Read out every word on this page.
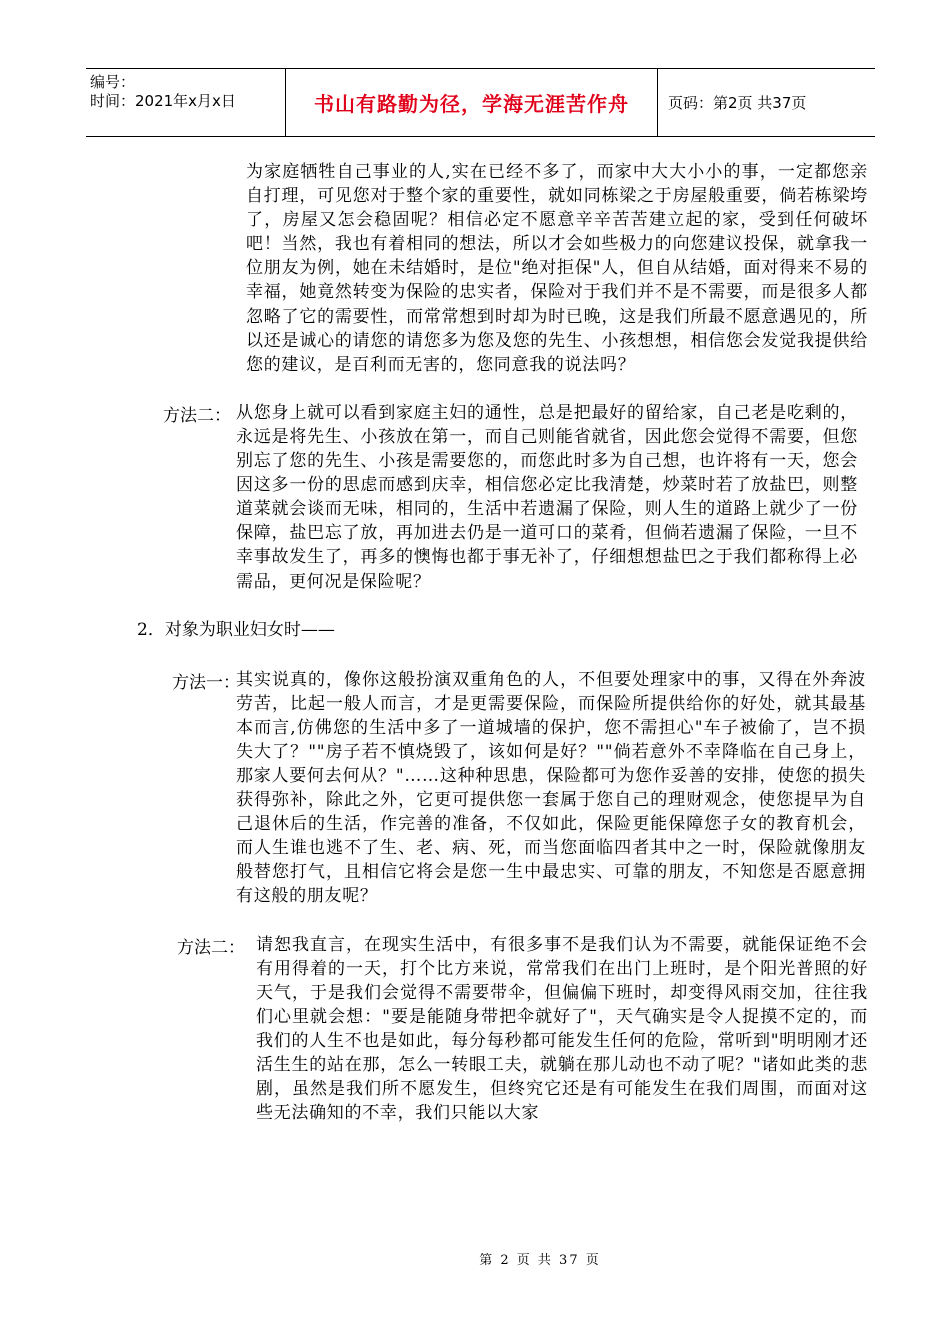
编号：
时间：2021年x月x日	书山有路勤为径，学海无涯苦作舟	页码：第2页 共37页
为家庭牺牲自己事业的人,实在已经不多了，而家中大大小小的事，一定都您亲自打理，可见您对于整个家的重要性，就如同栋梁之于房屋般重要，倘若栋梁垮了，房屋又怎会稳固呢？相信必定不愿意辛辛苦苦建立起的家，受到任何破坏吧！当然，我也有着相同的想法，所以才会如些极力的向您建议投保，就拿我一位朋友为例，她在未结婚时，是位"绝对拒保"人，但自从结婚，面对得来不易的幸福，她竟然转变为保险的忠实者，保险对于我们并不是不需要，而是很多人都忽略了它的需要性，而常常想到时却为时已晚，这是我们所最不愿意遇见的，所以还是诚心的请您的请您多为您及您的先生、小孩想想，相信您会发觉我提供给您的建议，是百利而无害的，您同意我的说法吗？
方法二： 从您身上就可以看到家庭主妇的通性，总是把最好的留给家，自己老是吃剩的，永远是将先生、小孩放在第一，而自己则能省就省，因此您会觉得不需要，但您别忘了您的先生、小孩是需要您的，而您此时多为自己想，也许将有一天，您会因这多一份的思虑而感到庆幸，相信您必定比我清楚，炒菜时若了放盐巴，则整道菜就会谈而无味，相同的，生活中若遗漏了保险，则人生的道路上就少了一份保障，盐巴忘了放，再加进去仍是一道可口的菜肴，但倘若遗漏了保险，一旦不幸事故发生了，再多的懊悔也都于事无补了，仔细想想盐巴之于我们都称得上必需品，更何况是保险呢？
2．对象为职业妇女时——
方法一：
其实说真的，像你这般扮演双重角色的人，不但要处理家中的事，又得在外奔波劳苦，比起一般人而言，才是更需要保险，而保险所提供给你的好处，就其最基本而言,仿佛您的生活中多了一道城墙的保护，您不需担心"车子被偷了，岂不损失大了？""房子若不慎烧毁了，该如何是好？""倘若意外不幸降临在自己身上，那家人要何去何从？"……这种种思患，保险都可为您作妥善的安排，使您的损失获得弥补，除此之外，它更可提供您一套属于您自己的理财观念，使您提早为自己退休后的生活，作完善的准备，不仅如此，保险更能保障您子女的教育机会，而人生谁也逃不了生、老、病、死，而当您面临四者其中之一时，保险就像朋友般替您打气，且相信它将会是您一生中最忠实、可靠的朋友，不知您是否愿意拥有这般的朋友呢？
方法二： 请恕我直言，在现实生活中，有很多事不是我们认为不需要，就能保证绝不会有用得着的一天，打个比方来说，常常我们在出门上班时，是个阳光普照的好天气，于是我们会觉得不需要带伞，但偏偏下班时，却变得风雨交加，往往我们心里就会想："要是能随身带把伞就好了"，天气确实是令人捉摸不定的，而我们的人生不也是如此，每分每秒都可能发生任何的危险，常听到"明明刚才还活生生的站在那，怎么一转眼工夫，就躺在那儿动也不动了呢？"诸如此类的悲剧，虽然是我们所不愿发生，但终究它还是有可能发生在我们周围，而面对这些无法确知的不幸，我们只能以大家
第 2 页 共 37 页
